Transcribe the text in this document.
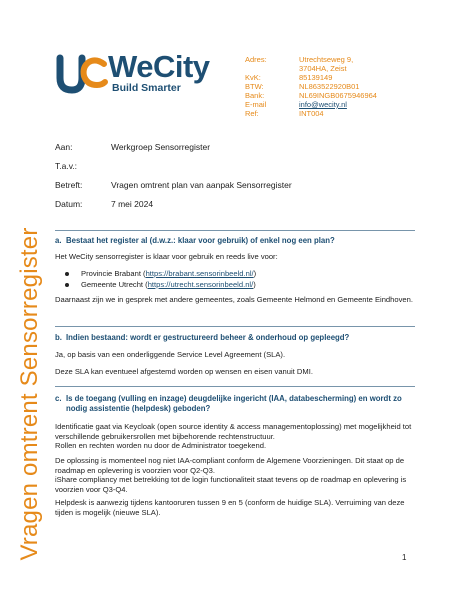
WeCity
Build Smarter
Adres:	Utrechtseweg 9,
3704HA, Zeist
KvK:	85139149
BTW:	NL863522920B01
Bank:	NL69INGB0675946964
E-mail	info@wecity.nl
Ref:	INT004
Aan:	Werkgroep Sensorregister
T.a.v.:
Betreft:	Vragen omtrent plan van aanpak Sensorregister
Datum:	7 mei 2024
Vragen omtrent Sensorregister a. Bestaat het register al (d.w.z.: klaar voor gebruik) of enkel nog een plan?
Het WeCity sensorregister is klaar voor gebruik en reeds live voor:
Provincie Brabant (https://brabant.sensorinbeeld.nl/)
Gemeente Utrecht (https://utrecht.sensorinbeeld.nl/)
Daarnaast zijn we in gesprek met andere gemeentes, zoals Gemeente Helmond en Gemeente Eindhoven.
b. Indien bestaand: wordt er gestructureerd beheer & onderhoud op gepleegd?
Ja, op basis van een onderliggende Service Level Agreement (SLA).
Deze SLA kan eventueel afgestemd worden op wensen en eisen vanuit DMI.
c. Is de toegang (vulling en inzage) deugdelijke ingericht (IAA, databescherming) en wordt zo
nodig assistentie (helpdesk) geboden?
Identificatie gaat via Keycloak (open source identity & access managementoplossing) met mogelijkheid tot verschillende gebruikersrollen met bijbehorende rechtenstructuur.
Rollen en rechten worden nu door de Administrator toegekend.
De oplossing is momenteel nog niet IAA-compliant conform de Algemene Voorzieningen. Dit staat op de roadmap en oplevering is voorzien voor Q2-Q3.
iShare compliancy met betrekking tot de login functionaliteit staat tevens op de roadmap en oplevering is voorzien voor Q3-Q4.
Helpdesk is aanwezig tijdens kantooruren tussen 9 en 5 (conform de huidige SLA). Verruiming van deze tijden is mogelijk (nieuwe SLA).
1
